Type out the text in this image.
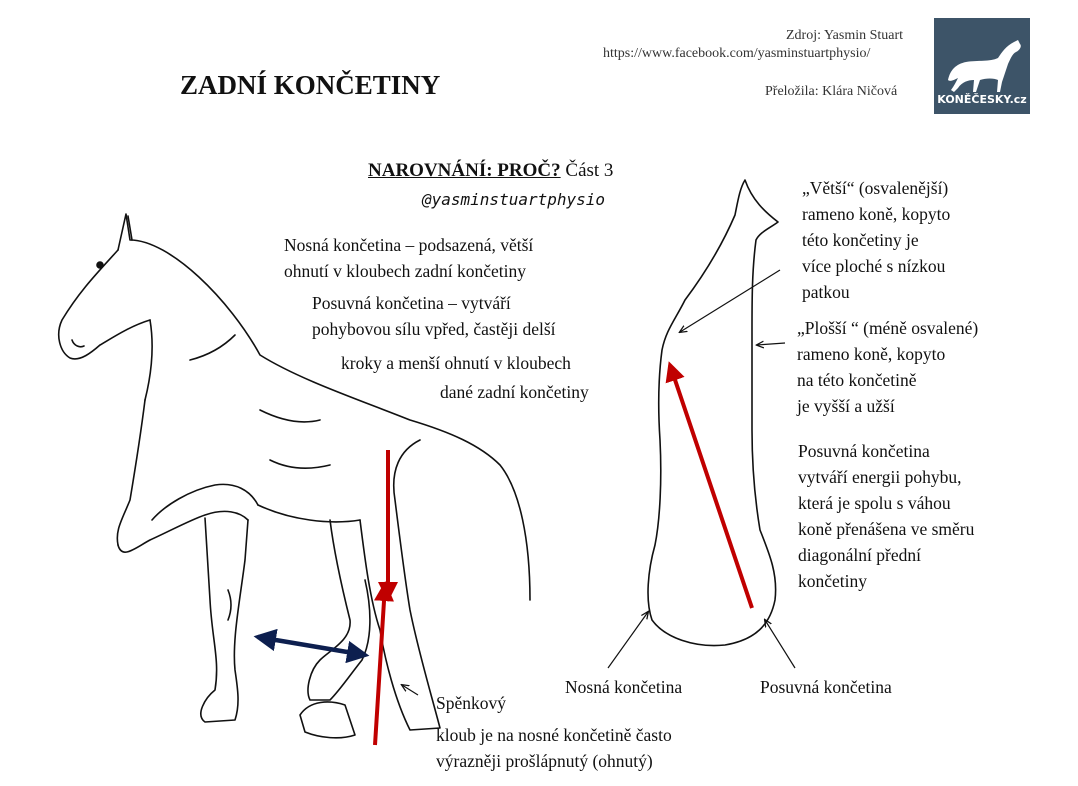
Zdroj: Yasmin Stuart
https://www.facebook.com/yasminstuartphysio/
Přeložila: Klára Ničová
ZADNÍ KONČETINY	KONĚČESKY.cz
NAROVNÁNÍ: PROČ? Část 3
@yasminstuartphysio
Nosná končetina – podsazená, větší
ohnutí v kloubech zadní končetiny
Posuvná končetina – vytváří
pohybovou sílu vpřed, častěji delší
kroky a menší ohnutí v kloubech
dané zadní končetiny
„Větší“ (osvalenější)
rameno koně, kopyto
této končetiny je
více ploché s nízkou
patkou
„Plošší “ (méně osvalené)
rameno koně, kopyto
na této končetině
je vyšší a užší
Posuvná končetina
vytváří energii pohybu,
která je spolu s váhou
koně přenášena ve směru
diagonální přední
končetiny
Nosná končetina	Posuvná končetina
Spěnkový
kloub je na nosné končetině často
výrazněji prošlápnutý (ohnutý)
